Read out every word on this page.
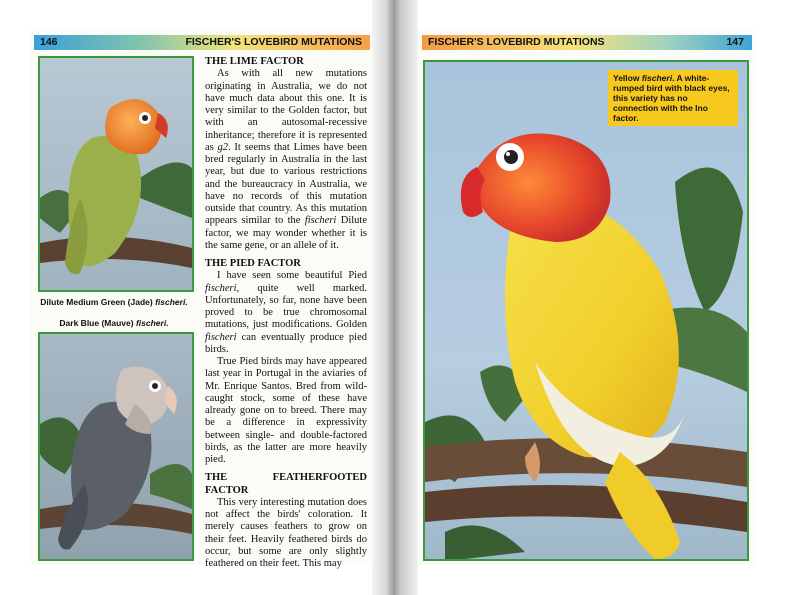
146	FISCHER'S LOVEBIRD MUTATIONS
Dilute Medium Green (Jade) fischeri.
Dark Blue (Mauve) fischeri.
THE LIME FACTOR

As with all new mutations originating in Australia, we do not have much data about this one. It is very similar to the Golden factor, but with an autosomal-recessive inheritance; therefore it is represented as g2. It seems that Limes have been bred regularly in Australia in the last year, but due to various restrictions and the bureaucracy in Australia, we have no records of this mutation outside that country. As this mutation appears similar to the fischeri Dilute factor, we may wonder whether it is the same gene, or an allele of it.

THE PIED FACTOR

I have seen some beautiful Pied fischeri, quite well marked. Unfortunately, so far, none have been proved to be true chromosomal mutations, just modifications. Golden fischeri can eventually produce pied birds.

True Pied birds may have appeared last year in Portugal in the aviaries of Mr. Enrique Santos. Bred from wild-caught stock, some of these have already gone on to breed. There may be a difference in expressivity between single- and double-factored birds, as the latter are more heavily pied.

THE FEATHERFOOTED FACTOR

This very interesting mutation does not affect the birds' coloration. It merely causes feathers to grow on their feet. Heavily feathered birds do occur, but some are only slightly feathered on their feet. This may

FISCHER'S LOVEBIRD MUTATIONS	147
Yellow fischeri. A white-rumped bird with black eyes, this variety has no connection with the Ino factor.
